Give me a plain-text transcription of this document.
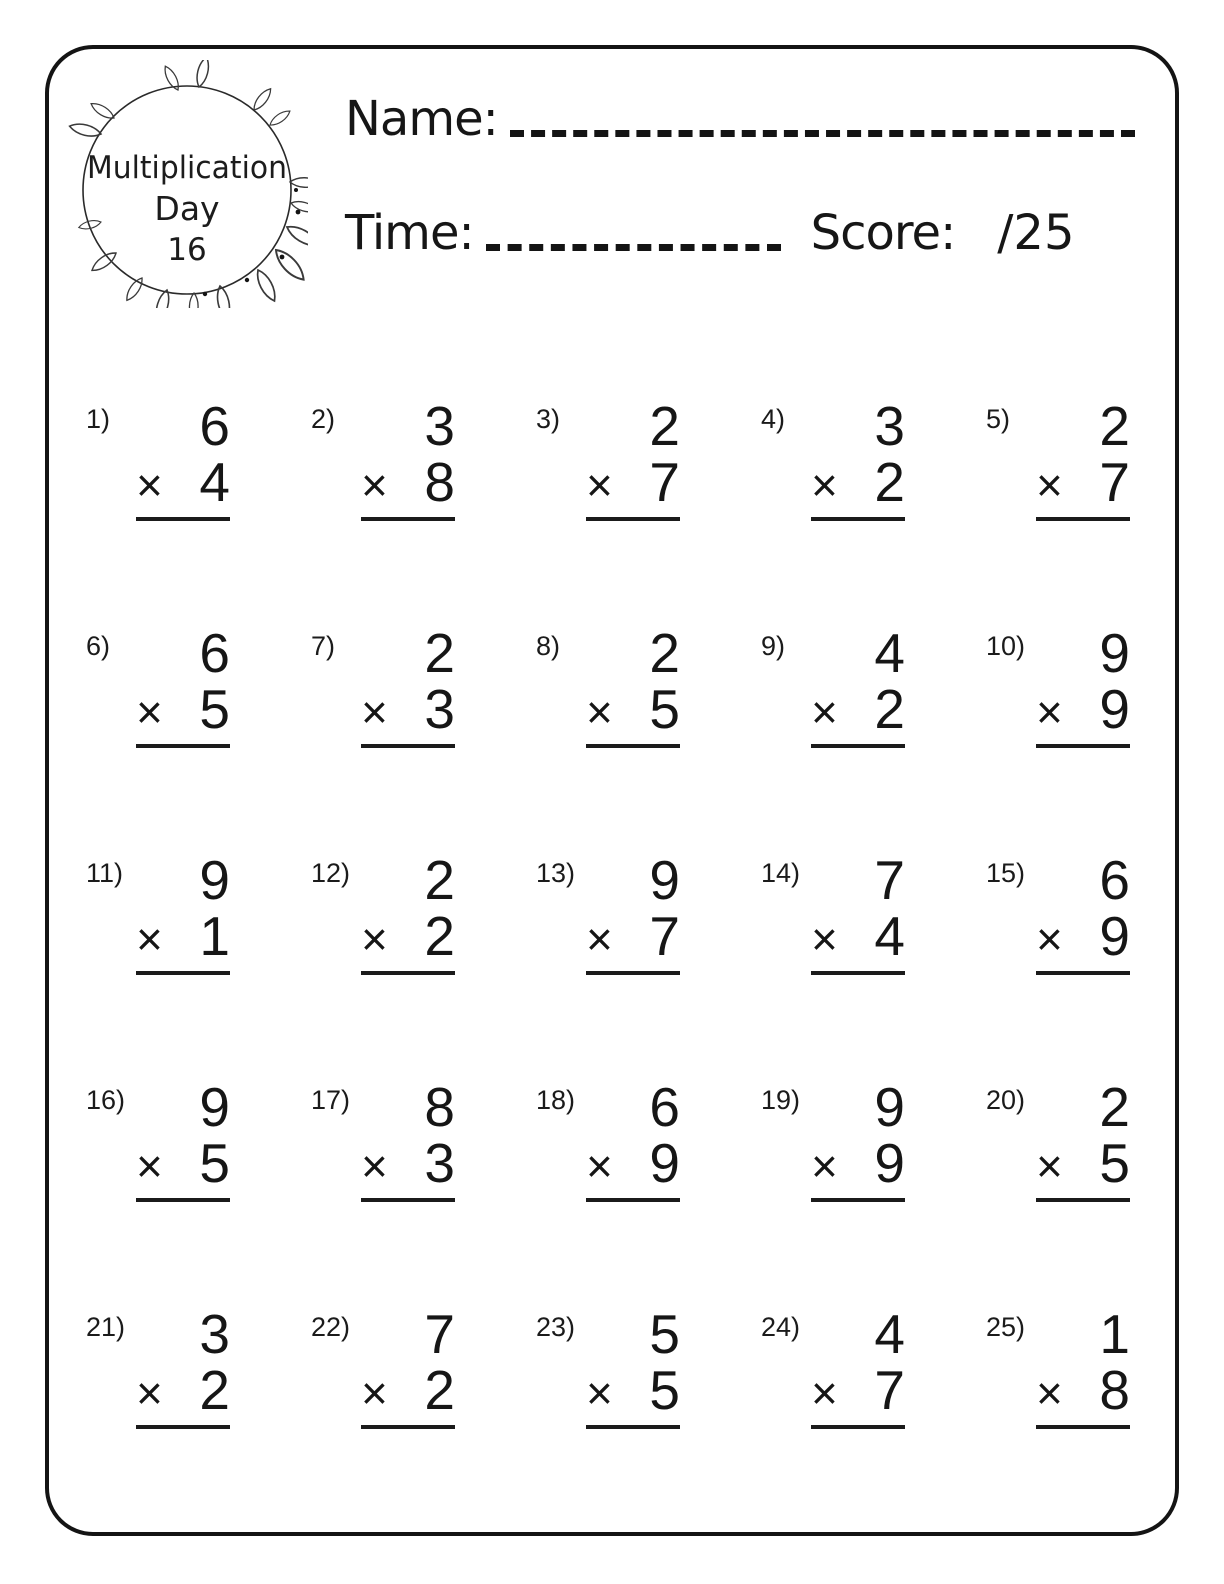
Multiplication
Day
16
Name:
Time:	Score: /25
1)	6
× 4
2)	3
× 8
3)	2
× 7
4)	3
× 2
5)	2
× 7
6)	6
× 5
7)	2
× 3
8)	2
× 5
9)	4
× 2
10)	9
× 9
11)	9
× 1
12)	2
× 2
13)	9
× 7
14)	7
× 4
15)	6
× 9
16)	9
× 5
17)	8
× 3
18)	6
× 9
19)	9
× 9
20)	2
× 5
21)	3
× 2
22)	7
× 2
23)	5
× 5
24)	4
× 7
25)	1
× 8
